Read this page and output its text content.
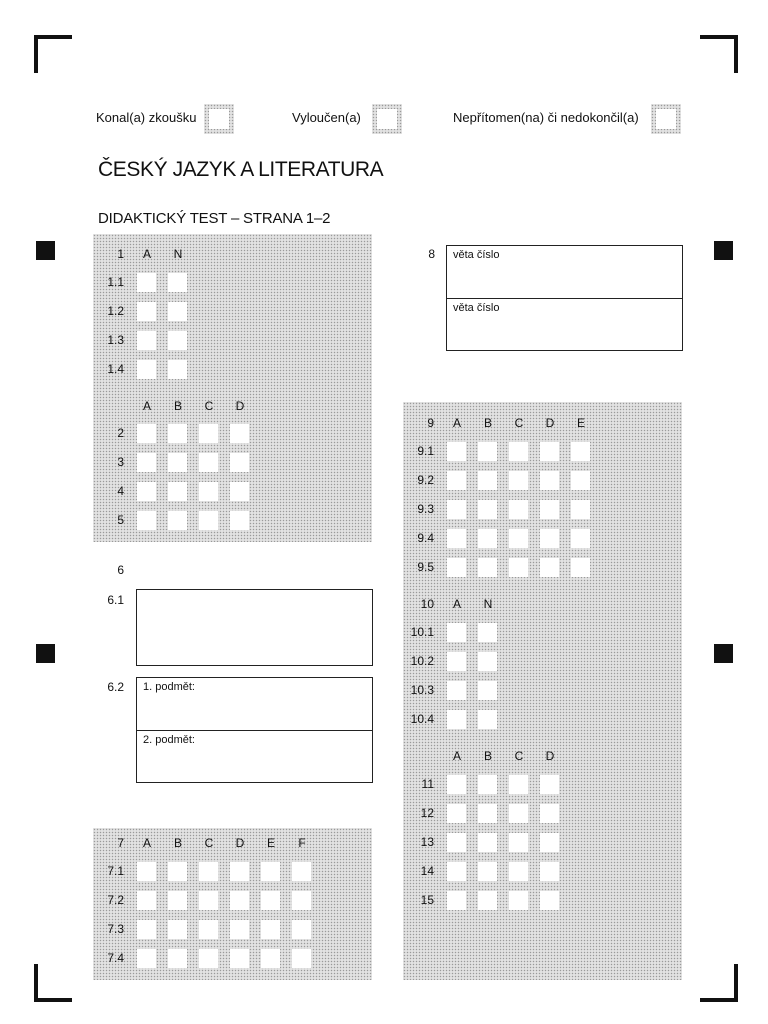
Konal(a) zkoušku	Vyloučen(a)	Nepřítomen(na) či nedokončil(a)
ČESKÝ JAZYK A LITERATURA
DIDAKTICKÝ TEST – STRANA 1–2
1	A	N
1.1
1.2
1.3
1.4
A	B	C	D
2
3
4
5
7	A	B	C	D	E	F
7.1
7.2
7.3
7.4
9	A	B	C	D	E
9.1
9.2
9.3
9.4
9.5
10	A	N
10.1
10.2
10.3
10.4
A	B	C	D
11
12
13
14
15
6
6.1
6.2 1. podmět:
2. podmět:
8 věta číslo
věta číslo
